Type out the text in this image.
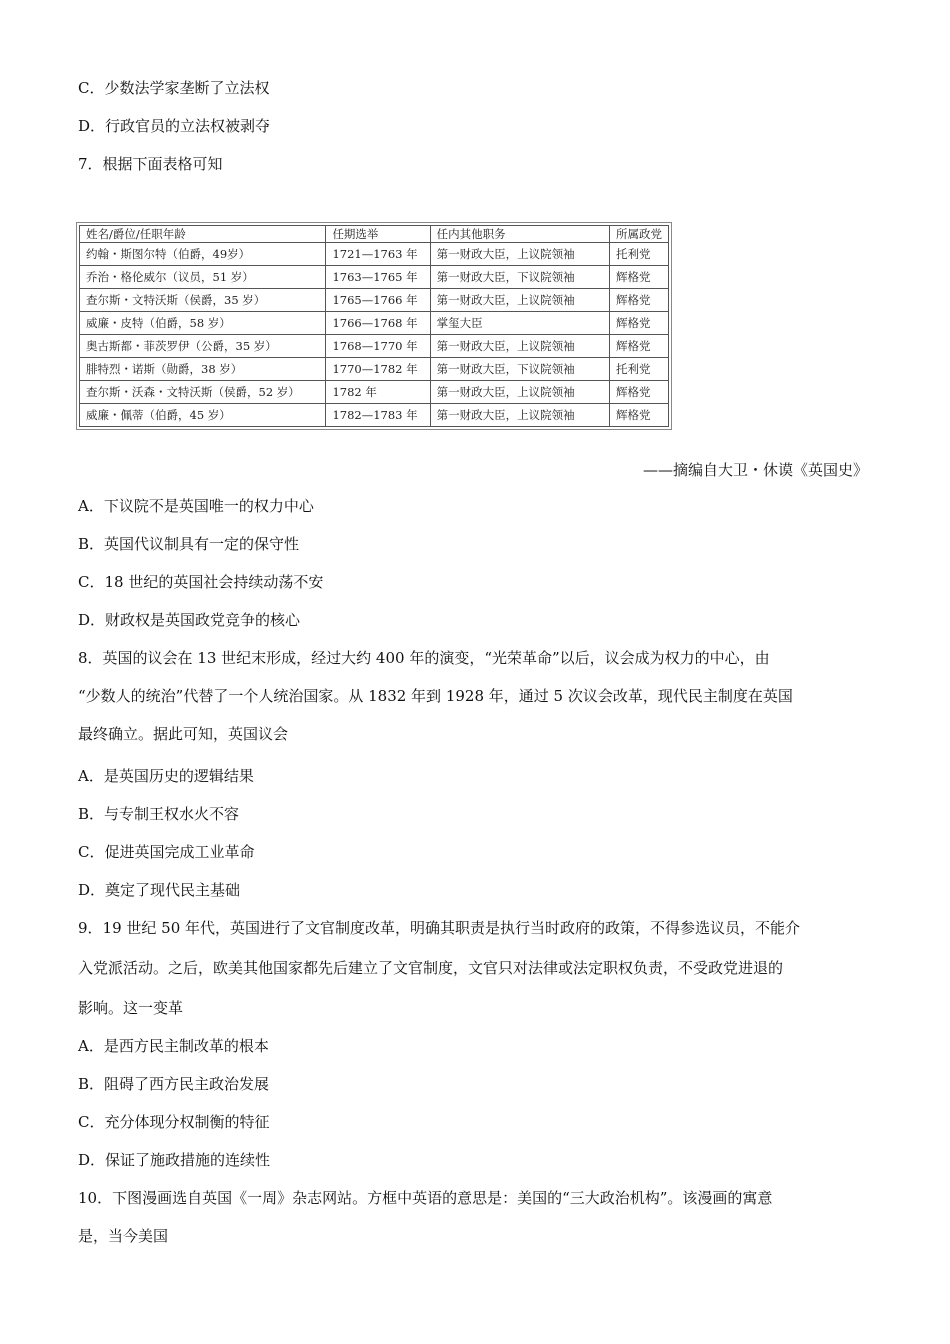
C．少数法学家垄断了立法权
D．行政官员的立法权被剥夺
7．根据下面表格可知
姓名/爵位/任职年龄	任期选举	任内其他职务	所属政党
约翰・斯图尔特（伯爵，49岁）	1721—1763 年	第一财政大臣，上议院领袖	托利党
乔治・格伦威尔（议员，51 岁）	1763—1765 年	第一财政大臣，下议院领袖	辉格党
查尔斯・文特沃斯（侯爵，35 岁）	1765—1766 年	第一财政大臣，上议院领袖	辉格党
威廉・皮特（伯爵，58 岁）	1766—1768 年	掌玺大臣	辉格党
奥古斯都・菲茨罗伊（公爵，35 岁）	1768—1770 年	第一财政大臣，上议院领袖	辉格党
腓特烈・诺斯（勋爵，38 岁）	1770—1782 年	第一财政大臣，下议院领袖	托利党
查尔斯・沃森・文特沃斯（侯爵，52 岁）	1782 年	第一财政大臣，上议院领袖	辉格党
威廉・佩蒂（伯爵，45 岁）	1782—1783 年	第一财政大臣，上议院领袖	辉格党
——摘编自大卫・休谟《英国史》
A．下议院不是英国唯一的权力中心
B．英国代议制具有一定的保守性
C．18 世纪的英国社会持续动荡不安
D．财政权是英国政党竞争的核心
8．英国的议会在 13 世纪末形成，经过大约 400 年的演变，“光荣革命”以后，议会成为权力的中心，由
“少数人的统治”代替了一个人统治国家。从 1832 年到 1928 年，通过 5 次议会改革，现代民主制度在英国
最终确立。据此可知，英国议会
A．是英国历史的逻辑结果
B．与专制王权水火不容
C．促进英国完成工业革命
D．奠定了现代民主基础
9．19 世纪 50 年代，英国进行了文官制度改革，明确其职责是执行当时政府的政策，不得参选议员，不能介
入党派活动。之后，欧美其他国家都先后建立了文官制度，文官只对法律或法定职权负责，不受政党进退的
影响。这一变革
A．是西方民主制改革的根本
B．阻碍了西方民主政治发展
C．充分体现分权制衡的特征
D．保证了施政措施的连续性
10．下图漫画选自英国《一周》杂志网站。方框中英语的意思是：美国的“三大政治机构”。该漫画的寓意
是，当今美国
